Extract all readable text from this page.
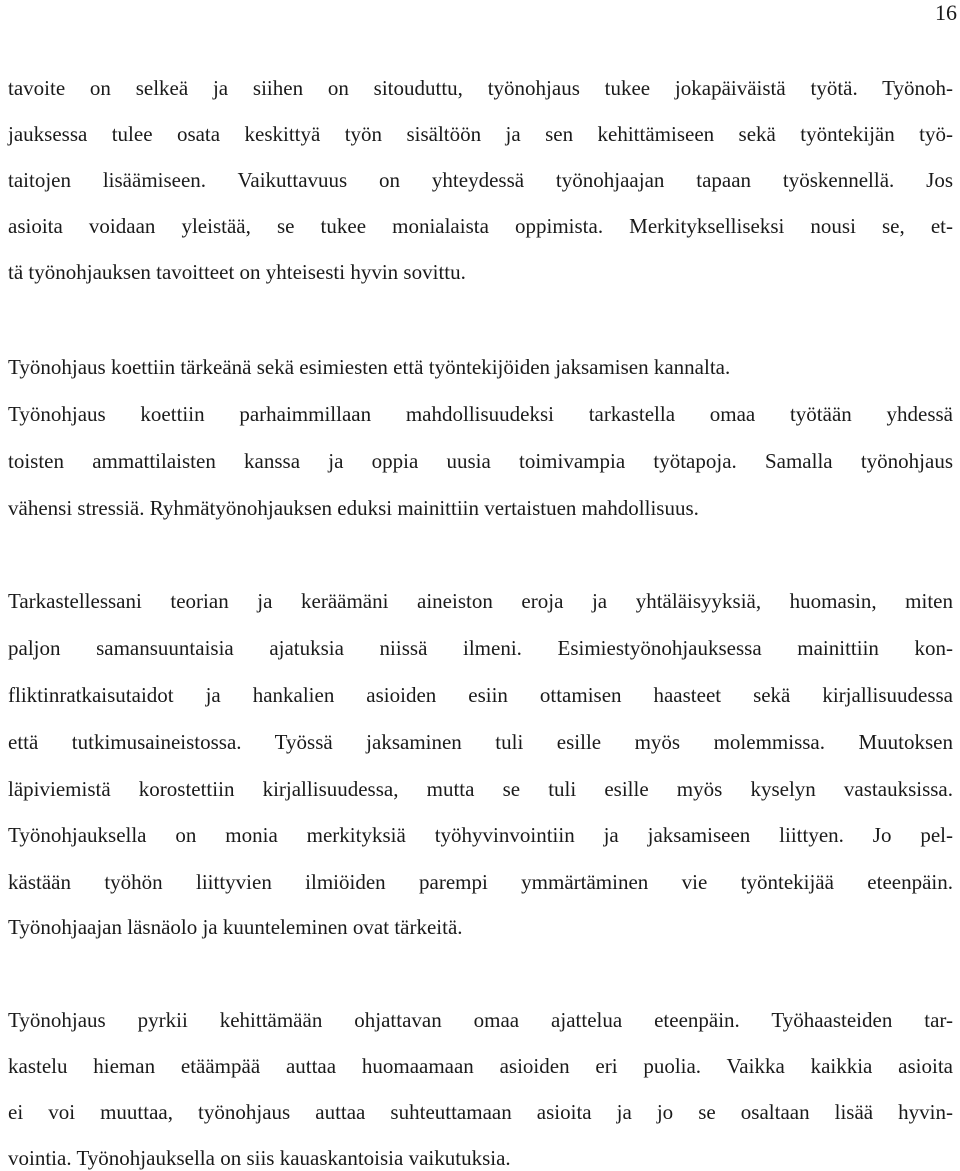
16
tavoite on selkeä ja siihen on sitouduttu, työnohjaus tukee jokapäiväistä työtä. Työnoh-
jauksessa tulee osata keskittyä työn sisältöön ja sen kehittämiseen sekä työntekijän työ-
taitojen lisäämiseen. Vaikuttavuus on yhteydessä työnohjaajan tapaan työskennellä. Jos
asioita voidaan yleistää, se tukee monialaista oppimista. Merkitykselliseksi nousi se, et-
tä työnohjauksen tavoitteet on yhteisesti hyvin sovittu.
Työnohjaus koettiin tärkeänä sekä esimiesten että työntekijöiden jaksamisen kannalta.
Työnohjaus koettiin parhaimmillaan mahdollisuudeksi tarkastella omaa työtään yhdessä
toisten ammattilaisten kanssa ja oppia uusia toimivampia työtapoja. Samalla työnohjaus
vähensi stressiä. Ryhmätyönohjauksen eduksi mainittiin vertaistuen mahdollisuus.
Tarkastellessani teorian ja keräämäni aineiston eroja ja yhtäläisyyksiä, huomasin, miten
paljon samansuuntaisia ajatuksia niissä ilmeni. Esimiestyönohjauksessa mainittiin kon-
fliktinratkaisutaidot ja hankalien asioiden esiin ottamisen haasteet sekä kirjallisuudessa
että tutkimusaineistossa. Työssä jaksaminen tuli esille myös molemmissa. Muutoksen
läpiviemistä korostettiin kirjallisuudessa, mutta se tuli esille myös kyselyn vastauksissa.
Työnohjauksella on monia merkityksiä työhyvinvointiin ja jaksamiseen liittyen. Jo pel-
kästään työhön liittyvien ilmiöiden parempi ymmärtäminen vie työntekijää eteenpäin.
Työnohjaajan läsnäolo ja kuunteleminen ovat tärkeitä.
Työnohjaus pyrkii kehittämään ohjattavan omaa ajattelua eteenpäin. Työhaasteiden tar-
kastelu hieman etäämpää auttaa huomaamaan asioiden eri puolia. Vaikka kaikkia asioita
ei voi muuttaa, työnohjaus auttaa suhteuttamaan asioita ja jo se osaltaan lisää hyvin-
vointia. Työnohjauksella on siis kauaskantoisia vaikutuksia.
